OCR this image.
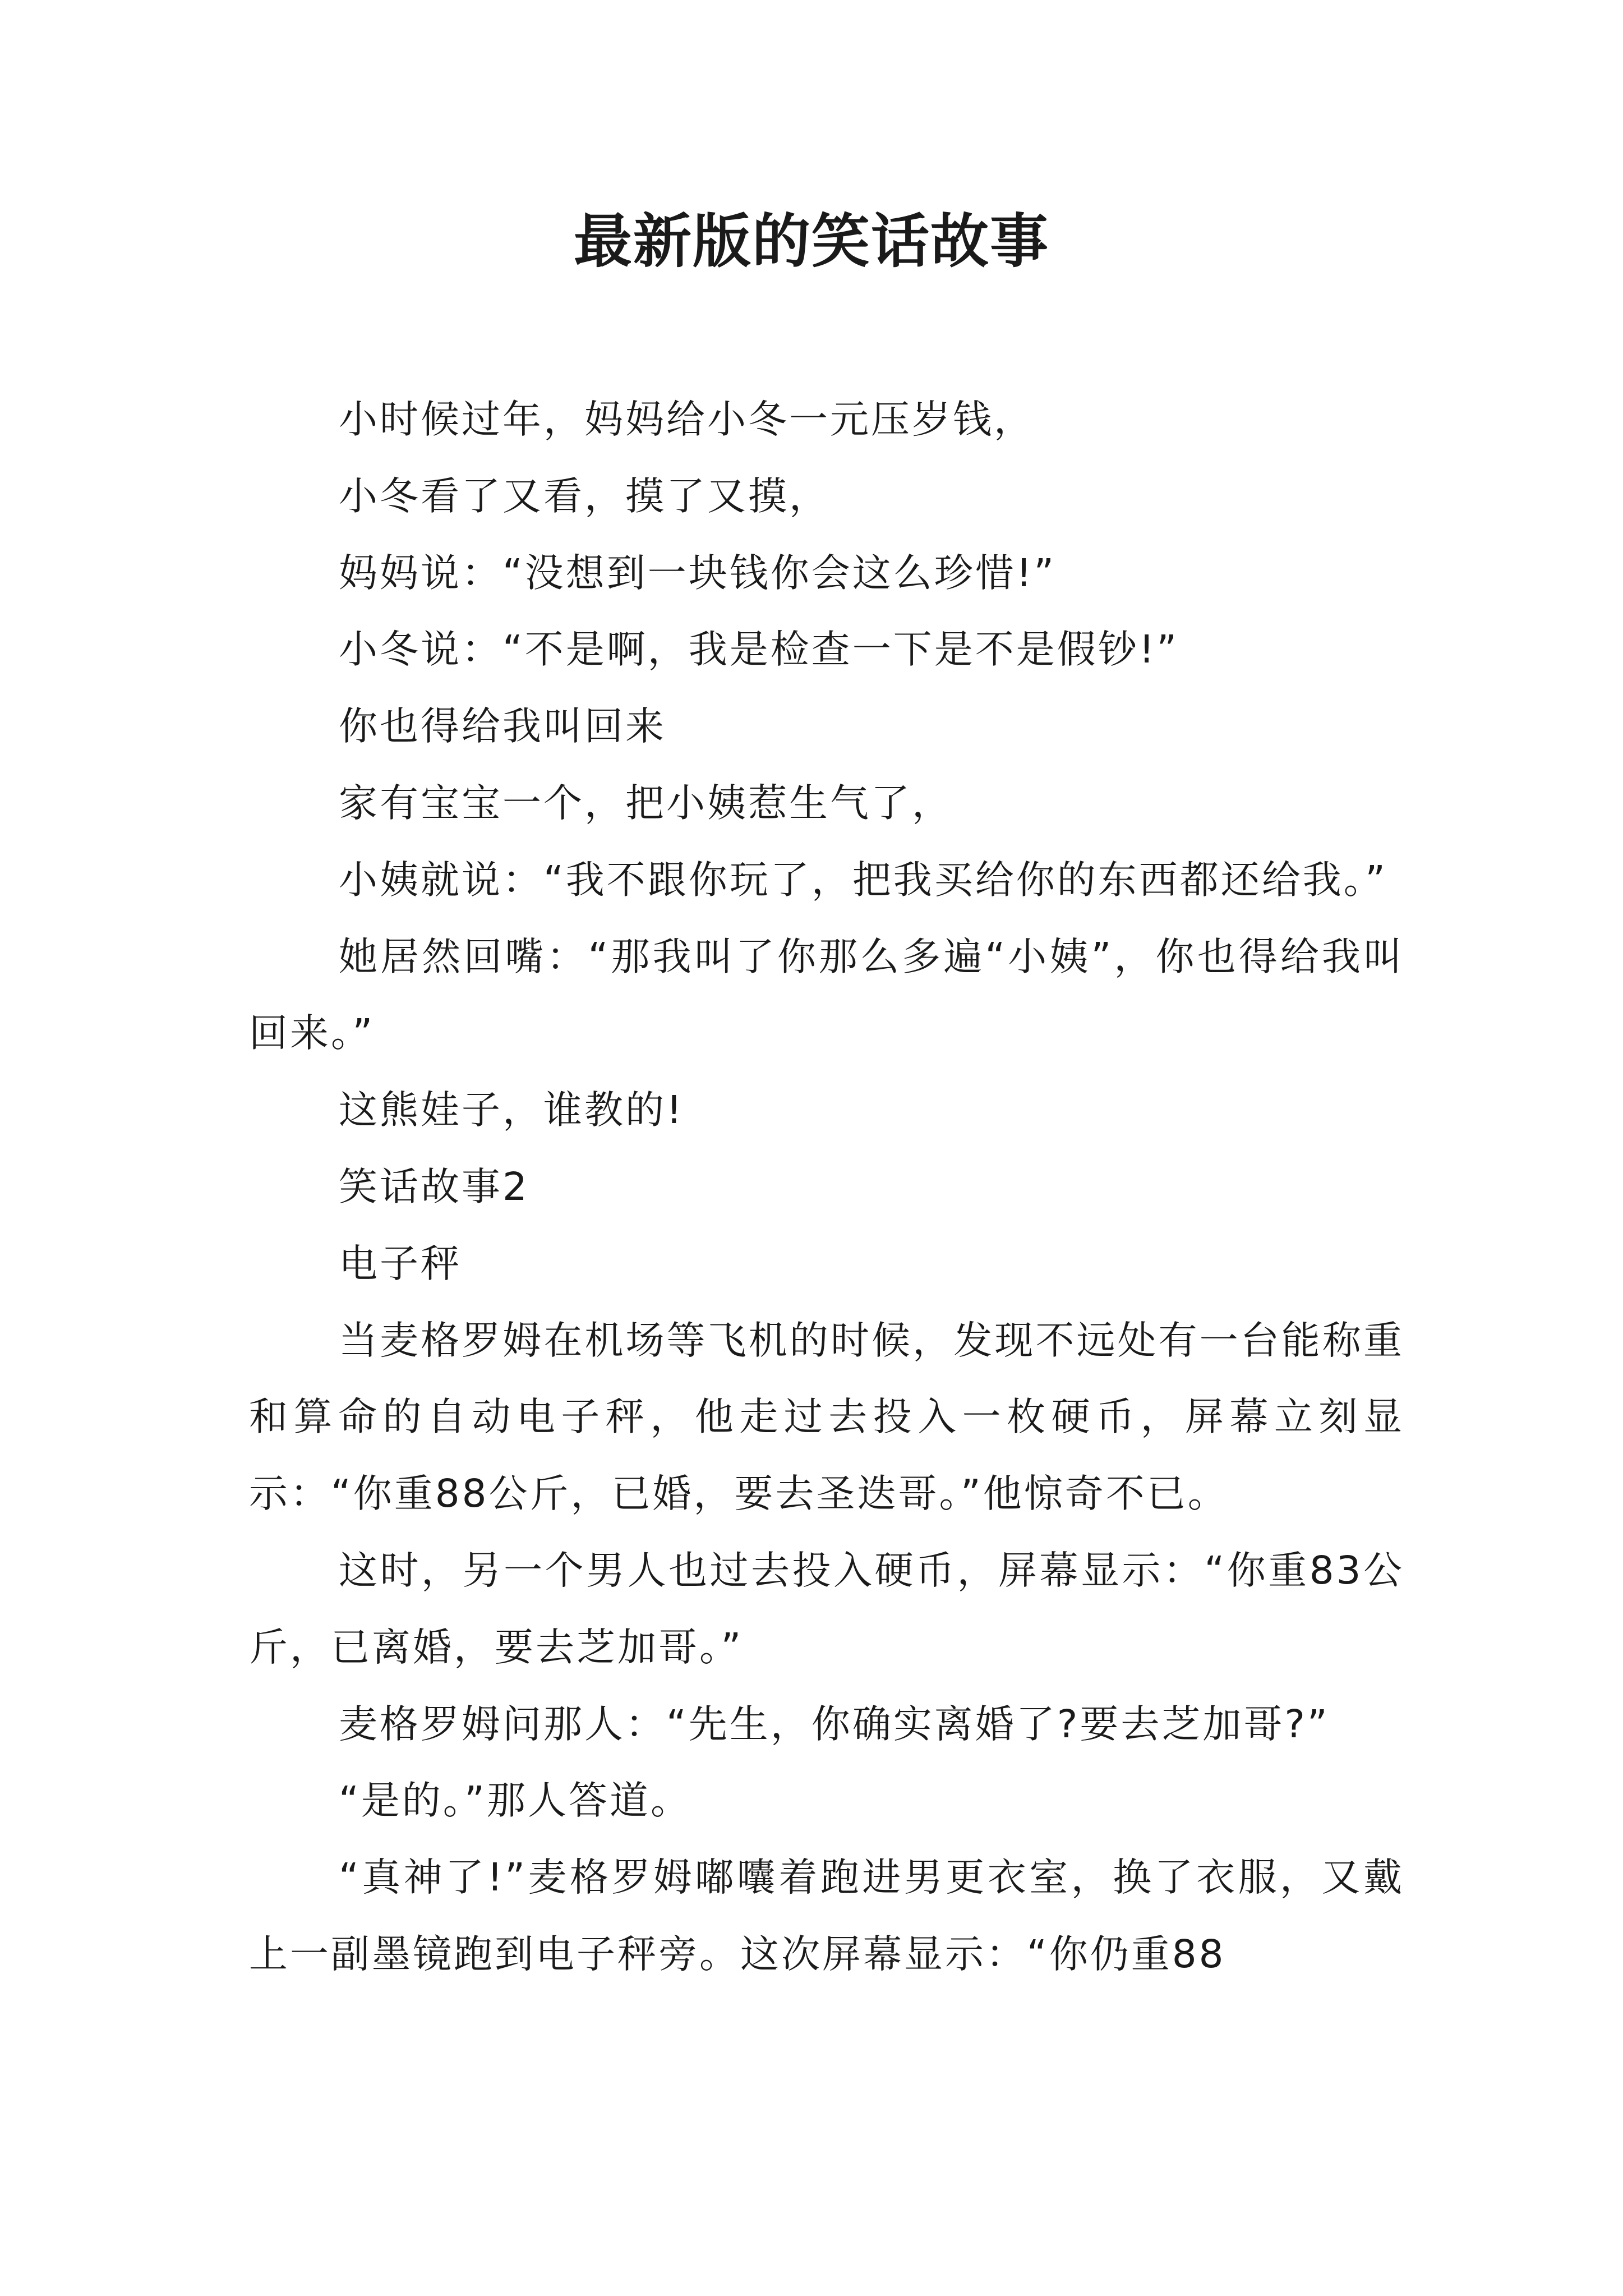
最新版的笑话故事

小时候过年，妈妈给小冬一元压岁钱，

小冬看了又看，摸了又摸，

妈妈说：“没想到一块钱你会这么珍惜!”

小冬说：“不是啊，我是检查一下是不是假钞!”

你也得给我叫回来

家有宝宝一个，把小姨惹生气了，

小姨就说：“我不跟你玩了，把我买给你的东西都还给我。”

她居然回嘴：“那我叫了你那么多遍“小姨”，你也得给我叫回来。”

这熊娃子，谁教的!

笑话故事2

电子秤

当麦格罗姆在机场等飞机的时候，发现不远处有一台能称重和算命的自动电子秤，他走过去投入一枚硬币，屏幕立刻显示：“你重88公斤，已婚，要去圣迭哥。”他惊奇不已。

这时，另一个男人也过去投入硬币，屏幕显示：“你重83公斤，已离婚，要去芝加哥。”

麦格罗姆问那人：“先生，你确实离婚了?要去芝加哥?”

“是的。”那人答道。

“真神了!”麦格罗姆嘟囔着跑进男更衣室，换了衣服，又戴上一副墨镜跑到电子秤旁。这次屏幕显示：“你仍重88
